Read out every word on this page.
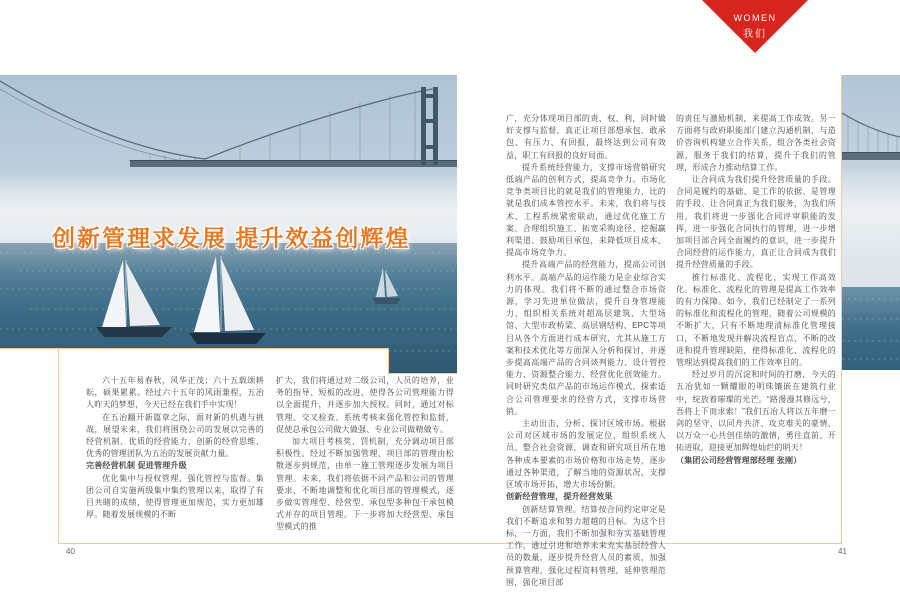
创新管理求发展 提升效益创辉煌
WOMEN
我们

六十五年易春秋，风华正茂；六十五载颂耕耘，硕果累累。经过六十五年的风雨兼程，五冶人昨天的梦想，今天已经在我们手中实现！

在五冶翻开新篇章之际，面对新的机遇与挑战，展望未来，我们将围绕公司的发展以完善的经营机制、优质的经营能力、创新的经营思维、优秀的管理团队为五冶的发展贡献力量。

完善经营机制 促进管理升级

优化集中与授权管理、强化管控与监督。集团公司自实施两级集中集约管理以来，取得了有目共睹的成绩，使得管理更加规范，实力更加雄厚。随着发展规模的不断

扩大，我们将通过对二级公司，人员的培养，业务的指导、短板的改进，使得各公司管理能力得以全面提升，并逐步加大授权。同时，通过对标管理、交叉检查、系统考核来强化管控和监督，促使总承包公司做大做强、专业公司做精做专。

加大项目考核奖、罚机制，充分调动项目部积极性。经过不断加强管理，项目部的管理由松散逐步到规范，由单一施工管理逐步发展为项目管理。未来，我们将依据不同产品和公司的管理要求，不断地调整和优化项目部的管理模式，逐步做实管理型、经营型、承包型多种包干承包模式并存的项目管理。下一步将加大经营型、承包型模式的推

广，充分体现项目部的责、权、利，同时做好支撑与监督，真正让项目部想承包、敢承包、有压力、有回报，最终达到公司有效益，职工有回报的良好局面。

提升系统经营能力，支撑市场营销研究低端产品的创利方式，提高竞争力。市场化竞争类项目比的就是我们的管理能力，比的就是我们成本管控水平。未来，我们将与技术、工程系统紧密联动，通过优化施工方案、合理组织施工、拓宽采购途径、挖掘赢利渠道、鼓励项目承包，来降低项目成本，提高市场竞争力。

提升高端产品的经营能力，提高公司创利水平。高端产品的运作能力是企业综合实力的体现。我们将不断的通过整合市场资源，学习先进单位做法，提升自身管理能力，组织相关系统对超高层建筑、大型场馆、大型市政桥梁、高层钢结构、EPC等项目从各个方面进行成本研究，尤其从施工方案和技术优化等方面深入分析和探讨，并逐步提高高端产品的合同谈判能力、设计管控能力、资源整合能力、经营优化创效能力。同时研究类似产品的市场运作模式，探索适合公司管理要求的经营方式，支撑市场营销。

主动出击，分析、探讨区域市场。根据公司对区域市场的发展定位，组织系统人员、整合社会资源，调查和研究项目所在地各种成本要素的市场价格和市场走势，逐步通过各种渠道，了解当地的资源状况，支撑区域市场开拓，增大市场份额。

创新经营管理，提升经营效果

创新结算管理。结算按合同约定审定是我们不断追求和努力超越的目标。为这个目标，一方面，我们不断加强和夯实基础管理工作，通过引进和培养未来充实基层经营人员的数量，逐步提升经营人员的素质，加强预算管理，强化过程资料管理，延伸管理范围，强化项目部

的责任与激励机制，来提高工作成效。另一方面将与政府职能部门建立沟通机制，与造价咨询机构建立合作关系，组合各类社会资源，服务于我们的结算，提升于我们的管理，形成合力推动结算工作。

让合同成为我们提升经营质量的手段。合同是履约的基础、是工作的依据、是管理的手段。让合同真正为我们服务，为我们所用，我们将进一步强化合同评审职能的发挥，进一步强化合同执行的管理，进一步增加项目部合同全面履约的意识，进一步提升合同经营的运作能力，真正让合同成为我们提升经营质量的手段。

推行标准化、流程化，实现工作高效化。标准化、流程化的管理是提高工作效率的有力保障。如今，我们已经制定了一系列的标准化和流程化的管理，随着公司规模的不断扩大，只有不断地理清标准化管理接口，不断地发现并解决流程盲点，不断的改进和提升管理缺陷，使得标准化、流程化的管理达到提高我们的工作效率目的。

经过岁月的沉淀和时间的打磨，今天的五冶犹如一颗耀眼的明珠镶嵌在建筑行业中，绽放着璀璨的光芒。“路漫漫其修远兮，吾将上下而求索！”我们五冶人将以五年磨一剑的坚守、以同舟共济、攻克难关的豪情、以万众一心共创佳绩的激情，勇往直前、开拓进取，迎接更加辉煌灿烂的明天！

（集团公司经营管理部经理 张刚）

40	41
